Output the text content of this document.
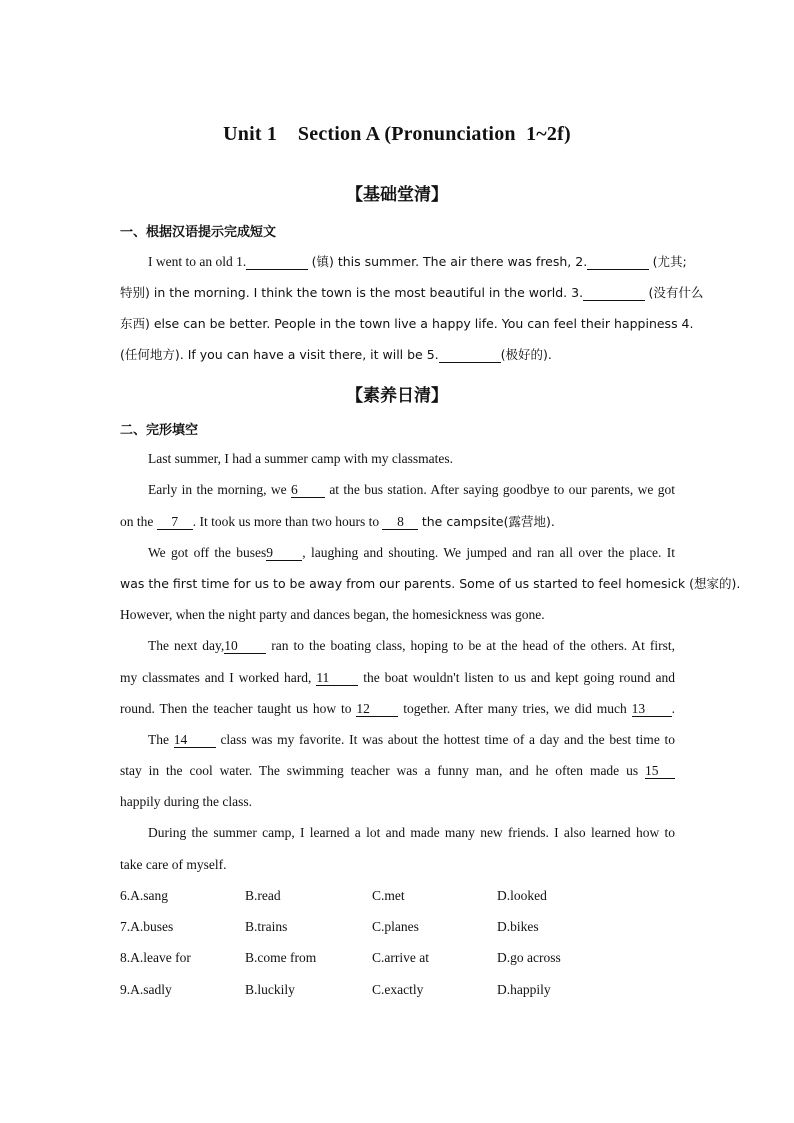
Unit 1    Section A (Pronunciation  1~2f)
【基础堂清】
一、根据汉语提示完成短文
I went to an old 1.	(镇) this summer. The air there was fresh, 2.	(尤其;
特别) in the morning. I think the town is the most beautiful in the world. 3.	(没有什么
东西) else can be better. People in the town live a happy life. You can feel their happiness 4.
(任何地方). If you can have a visit there, it will be 5.	(极好的).
【素养日清】
二、完形填空
Last summer, I had a summer camp with my classmates.
Early in the morning, we 6 at the bus station. After saying goodbye to our parents, we got
on the 7 . It took us more than two hours to 8 the campsite(露营地).
We got off the buses9 , laughing and shouting. We jumped and ran all over the place. It
was the first time for us to be away from our parents. Some of us started to feel homesick (想家的).
However, when the night party and dances began, the homesickness was gone.
The next day,10 ran to the boating class, hoping to be at the head of the others. At first,
my classmates and I worked hard, 11	the boat wouldn't listen to us and kept going round and
round. Then the teacher taught us how to 12 together. After many tries, we did much 13 .
The 14 class was my favorite. It was about the hottest time of a day and the best time to
stay in the cool water. The swimming teacher was a funny man, and he often made us 15
happily during the class.
During the summer camp, I learned a lot and made many new friends. I also learned how to
take care of myself.
6.A.sang	B.read	C.met	D.looked
7.A.buses	B.trains	C.planes	D.bikes
8.A.leave for	B.come from	C.arrive at	D.go across
9.A.sadly	B.luckily	C.exactly	D.happily
